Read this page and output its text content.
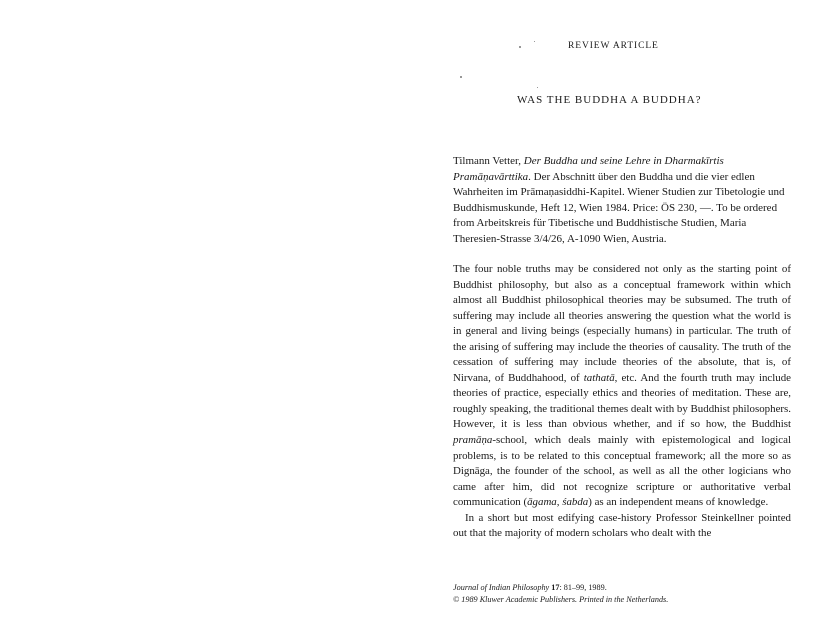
REVIEW ARTICLE
WAS THE BUDDHA A BUDDHA?

Tilmann Vetter, Der Buddha und seine Lehre in Dharmakīrtis Pramāṇavārttika. Der Abschnitt über den Buddha und die vier edlen Wahrheiten im Prāmaṇasiddhi-Kapitel. Wiener Studien zur Tibetologie und Buddhismuskunde, Heft 12, Wien 1984. Price: ÖS 230, —. To be ordered from Arbeitskreis für Tibetische und Buddhistische Studien, Maria Theresien-Strasse 3/4/26, A-1090 Wien, Austria.

The four noble truths may be considered not only as the starting point of Buddhist philosophy, but also as a conceptual framework within which almost all Buddhist philosophical theories may be subsumed. The truth of suffering may include all theories answering the question what the world is in general and living beings (especially humans) in particular. The truth of the arising of suffering may include the theories of causality. The truth of the cessation of suffering may include theories of the absolute, that is, of Nirvana, of Buddhahood, of tathatā, etc. And the fourth truth may include theories of practice, especially ethics and theories of meditation. These are, roughly speaking, the traditional themes dealt with by Buddhist philosophers. However, it is less than obvious whether, and if so how, the Buddhist pramāṇa-school, which deals mainly with epistemological and logical problems, is to be related to this conceptual framework; all the more so as Dignāga, the founder of the school, as well as all the other logicians who came after him, did not recognize scripture or authoritative verbal communication (āgama, śabda) as an independent means of knowledge.

In a short but most edifying case-history Professor Steinkellner pointed out that the majority of modern scholars who dealt with the

Journal of Indian Philosophy 17: 81–99, 1989.
© 1989 Kluwer Academic Publishers. Printed in the Netherlands.
